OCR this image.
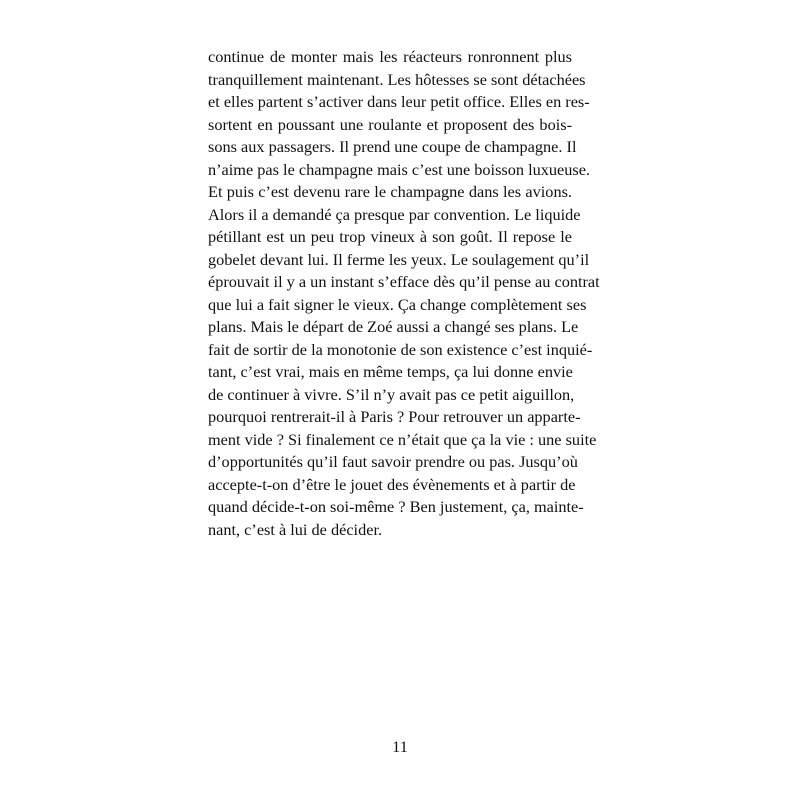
continue de monter mais les réacteurs ronronnent plus
tranquillement maintenant. Les hôtesses se sont détachées
et elles partent s’activer dans leur petit office. Elles en res-
sortent en poussant une roulante et proposent des bois-
sons aux passagers. Il prend une coupe de champagne. Il
n’aime pas le champagne mais c’est une boisson luxueuse.
Et puis c’est devenu rare le champagne dans les avions.
Alors il a demandé ça presque par convention. Le liquide
pétillant est un peu trop vineux à son goût. Il repose le
gobelet devant lui. Il ferme les yeux. Le soulagement qu’il
éprouvait il y a un instant s’efface dès qu’il pense au contrat
que lui a fait signer le vieux. Ça change complètement ses
plans. Mais le départ de Zoé aussi a changé ses plans. Le
fait de sortir de la monotonie de son existence c’est inquié-
tant, c’est vrai, mais en même temps, ça lui donne envie
de continuer à vivre. S’il n’y avait pas ce petit aiguillon,
pourquoi rentrerait-il à Paris ? Pour retrouver un apparte-
ment vide ? Si finalement ce n’était que ça la vie : une suite
d’opportunités qu’il faut savoir prendre ou pas. Jusqu’où
accepte-t-on d’être le jouet des évènements et à partir de
quand décide-t-on soi-même ? Ben justement, ça, mainte-
nant, c’est à lui de décider.
11
